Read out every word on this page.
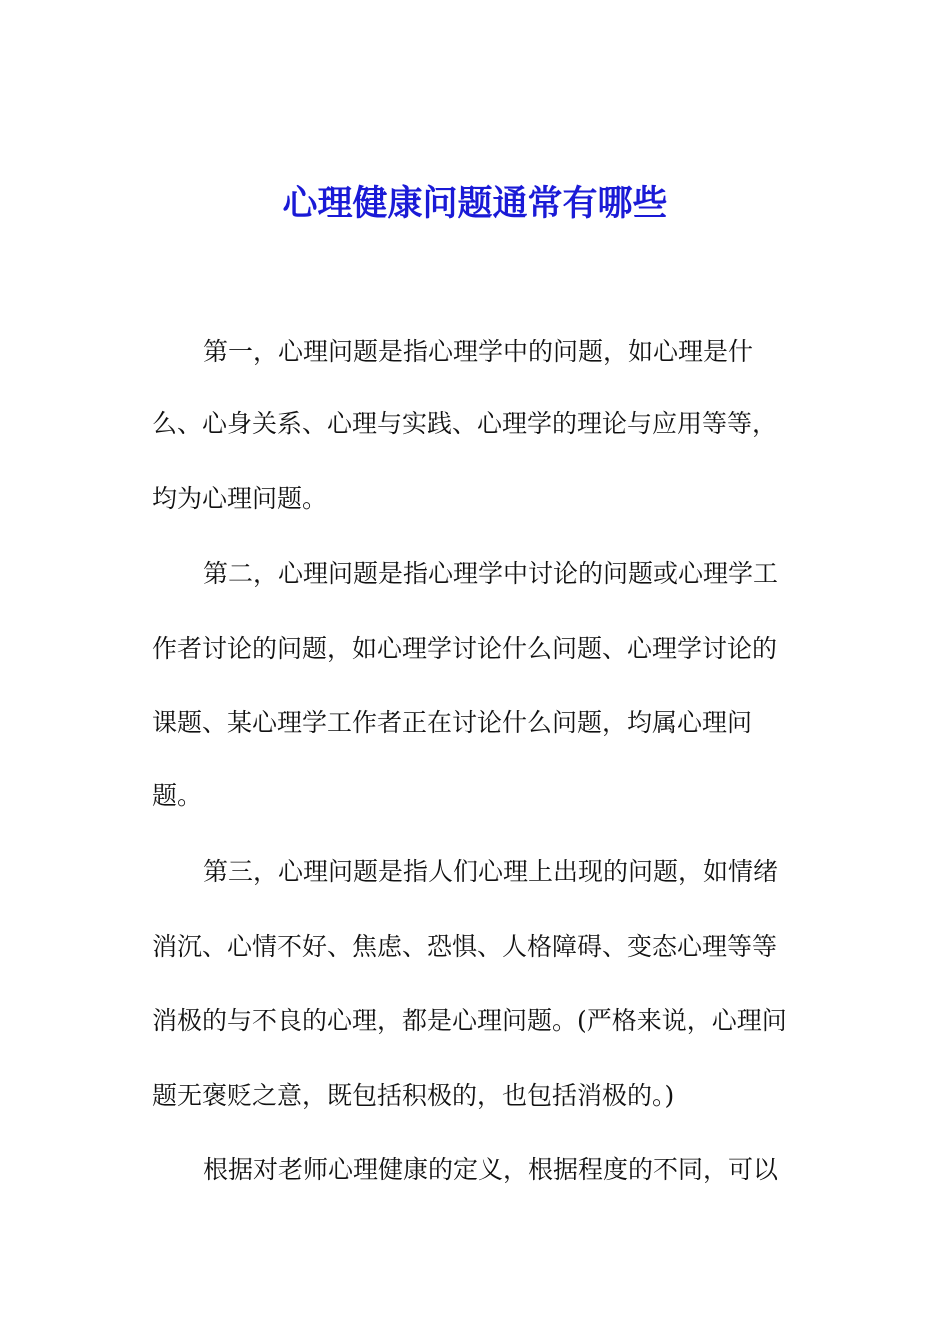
心理健康问题通常有哪些
第一，心理问题是指心理学中的问题，如心理是什
么、心身关系、心理与实践、心理学的理论与应用等等，
均为心理问题。
第二，心理问题是指心理学中讨论的问题或心理学工
作者讨论的问题，如心理学讨论什么问题、心理学讨论的
课题、某心理学工作者正在讨论什么问题，均属心理问
题。
第三，心理问题是指人们心理上出现的问题，如情绪
消沉、心情不好、焦虑、恐惧、人格障碍、变态心理等等
消极的与不良的心理，都是心理问题。(严格来说，心理问
题无褒贬之意，既包括积极的，也包括消极的。)
根据对老师心理健康的定义，根据程度的不同，可以
